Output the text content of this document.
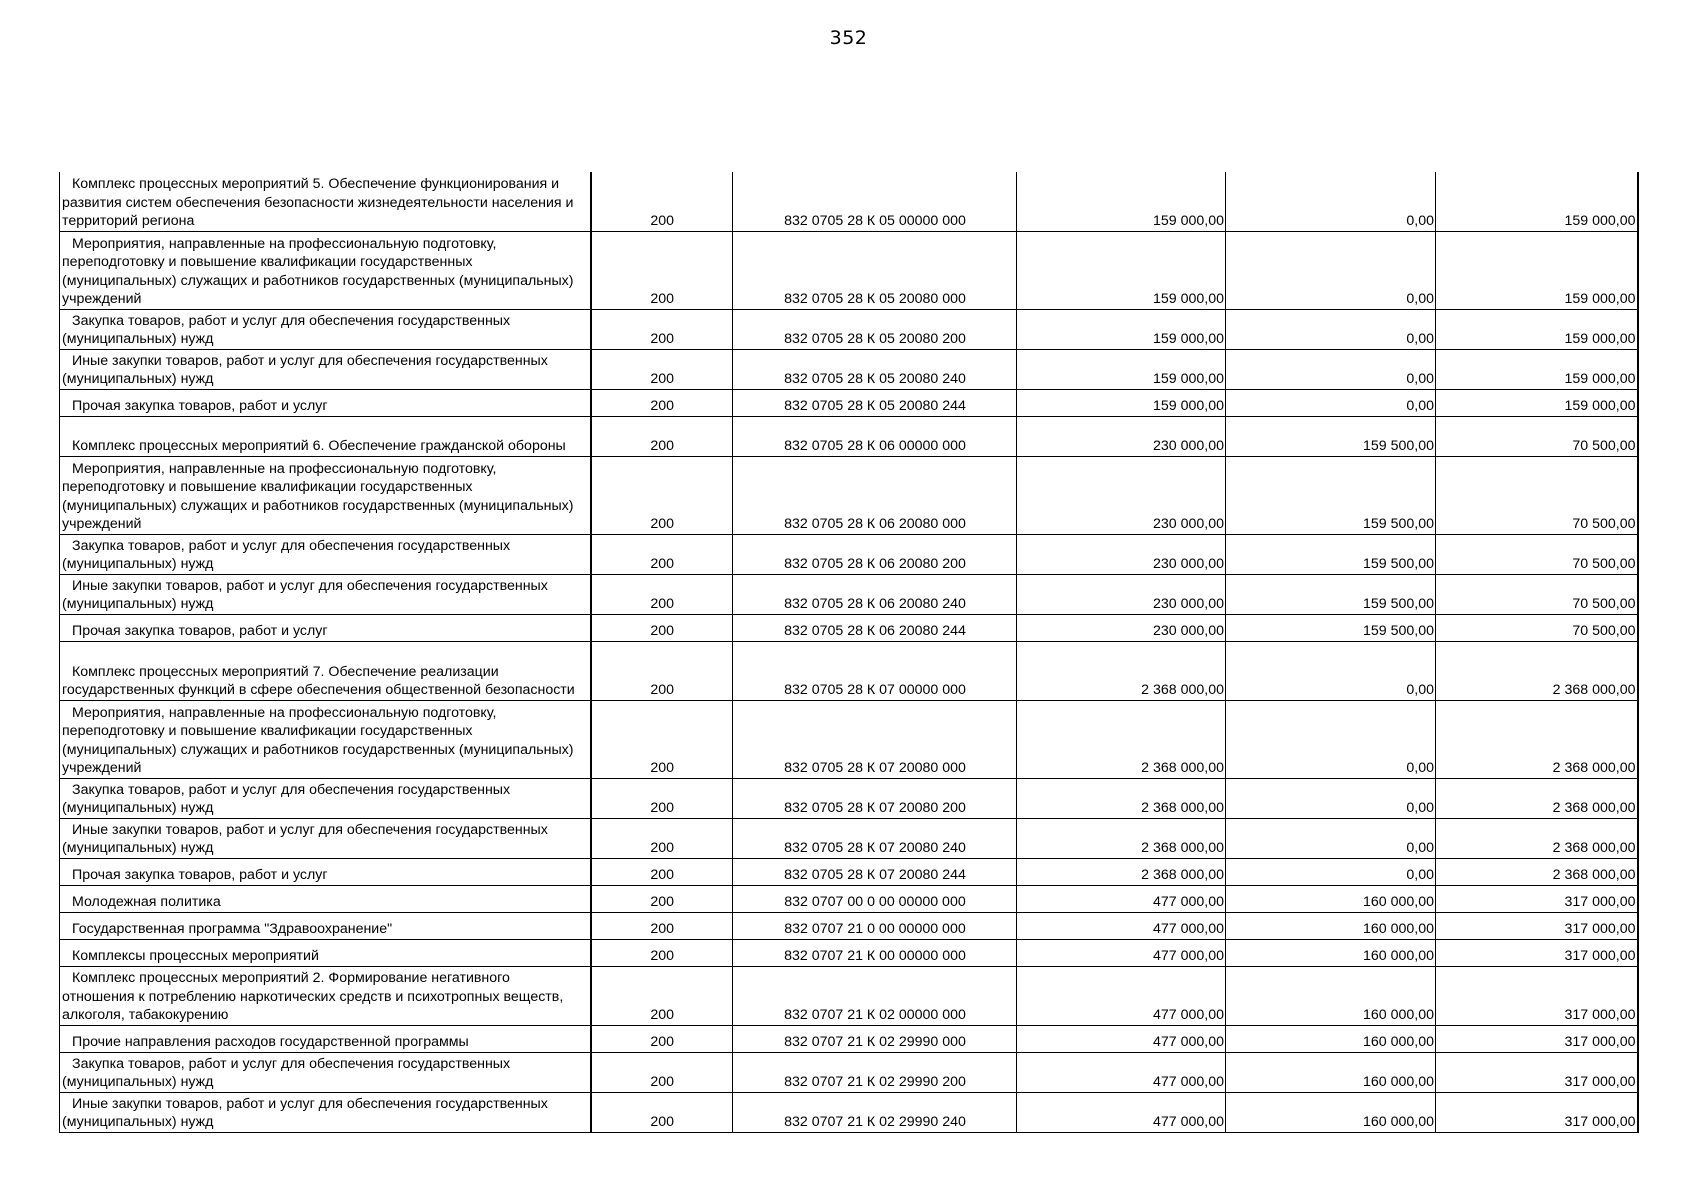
352
Комплекс процессных мероприятий 5. Обеспечение функционирования и развития систем обеспечения безопасности жизнедеятельности населения и территорий региона	200	832 0705 28 К 05 00000 000	159 000,00	0,00	159 000,00
Мероприятия, направленные на профессиональную подготовку, переподготовку и повышение квалификации государственных (муниципальных) служащих и работников государственных (муниципальных) учреждений	200	832 0705 28 К 05 20080 000	159 000,00	0,00	159 000,00
Закупка товаров, работ и услуг для обеспечения государственных (муниципальных) нужд	200	832 0705 28 К 05 20080 200	159 000,00	0,00	159 000,00
Иные закупки товаров, работ и услуг для обеспечения государственных (муниципальных) нужд	200	832 0705 28 К 05 20080 240	159 000,00	0,00	159 000,00
Прочая закупка товаров, работ и услуг	200	832 0705 28 К 05 20080 244	159 000,00	0,00	159 000,00
Комплекс процессных мероприятий 6. Обеспечение гражданской обороны	200	832 0705 28 К 06 00000 000	230 000,00	159 500,00	70 500,00
Мероприятия, направленные на профессиональную подготовку, переподготовку и повышение квалификации государственных (муниципальных) служащих и работников государственных (муниципальных) учреждений	200	832 0705 28 К 06 20080 000	230 000,00	159 500,00	70 500,00
Закупка товаров, работ и услуг для обеспечения государственных (муниципальных) нужд	200	832 0705 28 К 06 20080 200	230 000,00	159 500,00	70 500,00
Иные закупки товаров, работ и услуг для обеспечения государственных (муниципальных) нужд	200	832 0705 28 К 06 20080 240	230 000,00	159 500,00	70 500,00
Прочая закупка товаров, работ и услуг	200	832 0705 28 К 06 20080 244	230 000,00	159 500,00	70 500,00
Комплекс процессных мероприятий 7. Обеспечение реализации государственных функций в сфере обеспечения общественной безопасности	200	832 0705 28 К 07 00000 000	2 368 000,00	0,00	2 368 000,00
Мероприятия, направленные на профессиональную подготовку, переподготовку и повышение квалификации государственных (муниципальных) служащих и работников государственных (муниципальных) учреждений	200	832 0705 28 К 07 20080 000	2 368 000,00	0,00	2 368 000,00
Закупка товаров, работ и услуг для обеспечения государственных (муниципальных) нужд	200	832 0705 28 К 07 20080 200	2 368 000,00	0,00	2 368 000,00
Иные закупки товаров, работ и услуг для обеспечения государственных (муниципальных) нужд	200	832 0705 28 К 07 20080 240	2 368 000,00	0,00	2 368 000,00
Прочая закупка товаров, работ и услуг	200	832 0705 28 К 07 20080 244	2 368 000,00	0,00	2 368 000,00
Молодежная политика	200	832 0707 00 0 00 00000 000	477 000,00	160 000,00	317 000,00
Государственная программа "Здравоохранение"	200	832 0707 21 0 00 00000 000	477 000,00	160 000,00	317 000,00
Комплексы процессных мероприятий	200	832 0707 21 К 00 00000 000	477 000,00	160 000,00	317 000,00
Комплекс процессных мероприятий 2. Формирование негативного отношения к потреблению наркотических средств и психотропных веществ, алкоголя, табакокурению	200	832 0707 21 К 02 00000 000	477 000,00	160 000,00	317 000,00
Прочие направления расходов государственной программы	200	832 0707 21 К 02 29990 000	477 000,00	160 000,00	317 000,00
Закупка товаров, работ и услуг для обеспечения государственных (муниципальных) нужд	200	832 0707 21 К 02 29990 200	477 000,00	160 000,00	317 000,00
Иные закупки товаров, работ и услуг для обеспечения государственных (муниципальных) нужд	200	832 0707 21 К 02 29990 240	477 000,00	160 000,00	317 000,00
